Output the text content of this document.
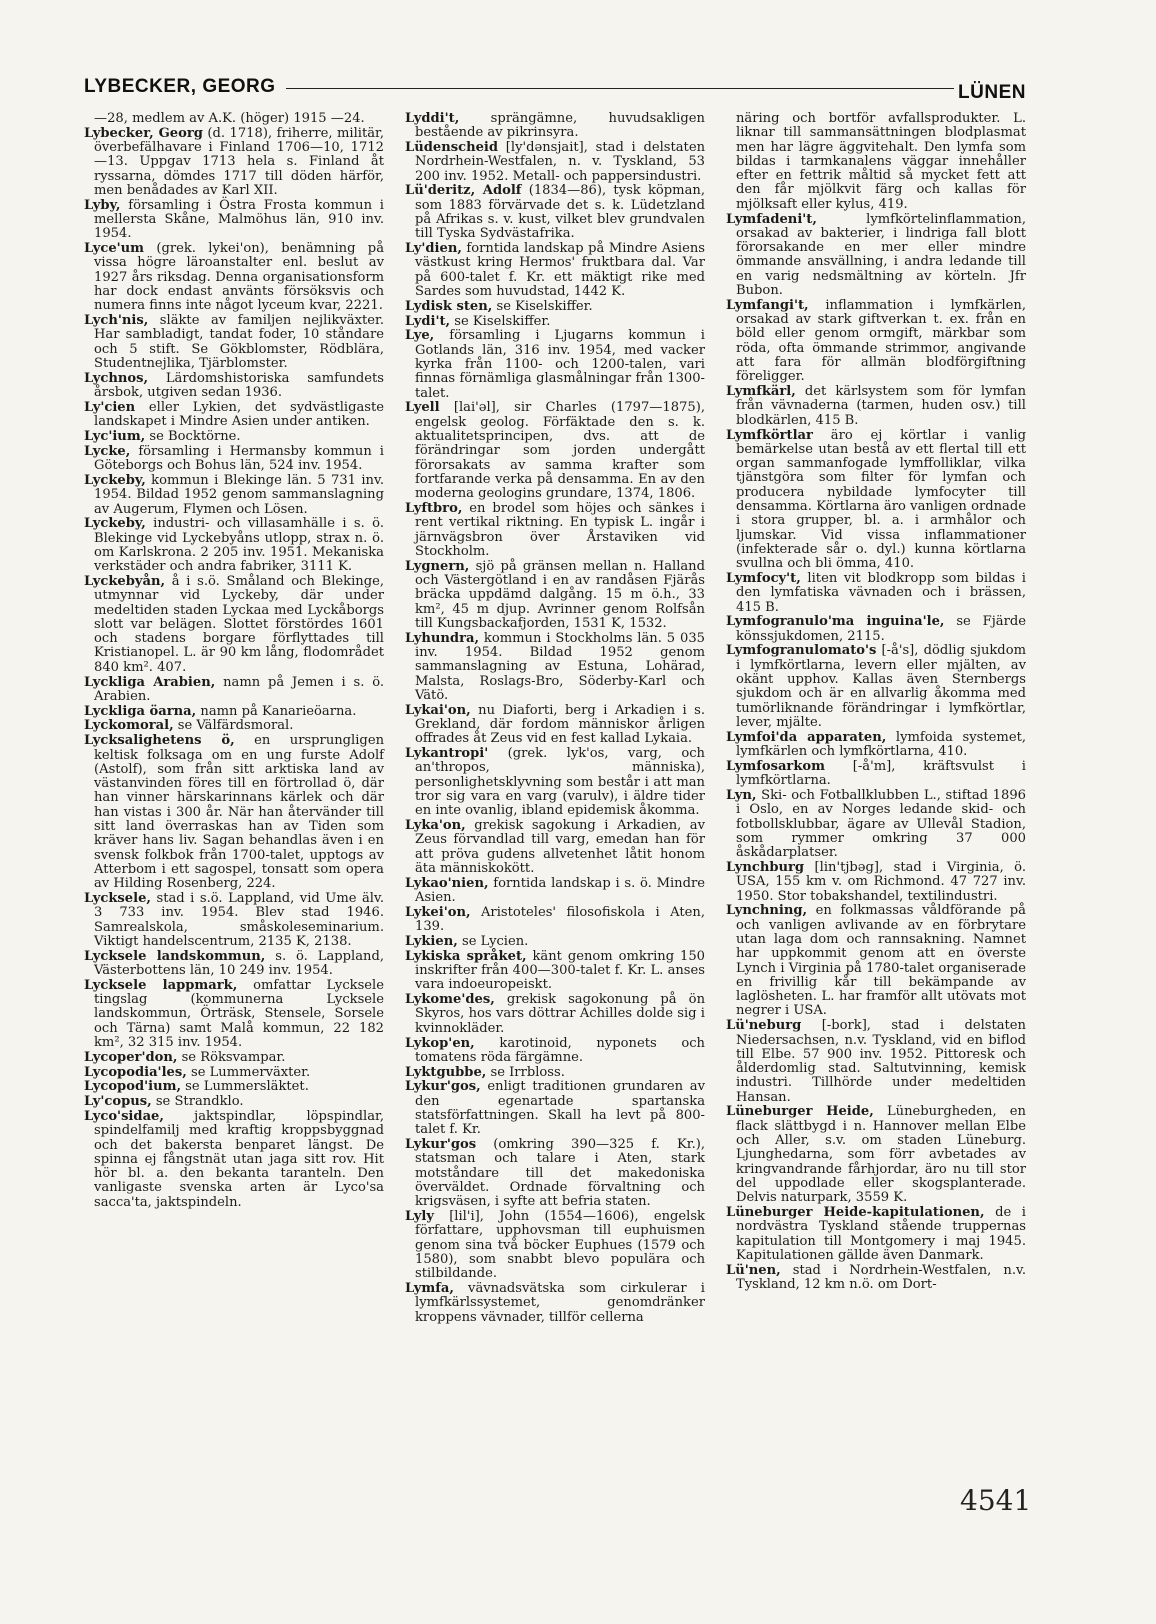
LYBECKER, GEORG	LÜNEN
—28, medlem av A.K. (höger) 1915 —24.
Lybecker, Georg (d. 1718), friherre, militär, överbefälhavare i Finland 1706—10, 1712—13. Uppgav 1713 hela s. Finland åt ryssarna, dömdes 1717 till döden härför, men benådades av Karl XII.
Lyby, församling i Östra Frosta kommun i mellersta Skåne, Malmöhus län, 910 inv. 1954.
Lyce'um (grek. lykei'on), benämning på vissa högre läroanstalter enl. beslut av 1927 års riksdag. Denna organisationsform har dock endast använts försöksvis och numera finns inte något lyceum kvar, 2221.
Lych'nis, släkte av familjen nejlikväxter. Har sambladigt, tandat foder, 10 ståndare och 5 stift. Se Gökblomster, Rödblära, Studentnejlika, Tjärblomster.
Lychnos, Lärdomshistoriska samfundets årsbok, utgiven sedan 1936.
Ly'cien eller Lykien, det sydvästligaste landskapet i Mindre Asien under antiken.
Lyc'ium, se Bocktörne.
Lycke, församling i Hermansby kommun i Göteborgs och Bohus län, 524 inv. 1954.
Lyckeby, kommun i Blekinge län. 5 731 inv. 1954. Bildad 1952 genom sammanslagning av Augerum, Flymen och Lösen.
Lyckeby, industri- och villasamhälle i s. ö. Blekinge vid Lyckebyåns utlopp, strax n. ö. om Karlskrona. 2 205 inv. 1951. Mekaniska verkstäder och andra fabriker, 3111 K.
Lyckebyån, å i s.ö. Småland och Blekinge, utmynnar vid Lyckeby, där under medeltiden staden Lyckaa med Lyckåborgs slott var belägen. Slottet förstördes 1601 och stadens borgare förflyttades till Kristianopel. L. är 90 km lång, flodområdet 840 km². 407.
Lyckliga Arabien, namn på Jemen i s. ö. Arabien.
Lyckliga öarna, namn på Kanarieöarna.
Lyckomoral, se Välfärdsmoral.
Lycksalighetens ö, en ursprungligen keltisk folksaga om en ung furste Adolf (Astolf), som från sitt arktiska land av västanvinden föres till en förtrollad ö, där han vinner härskarinnans kärlek och där han vistas i 300 år. När han återvänder till sitt land överraskas han av Tiden som kräver hans liv. Sagan behandlas även i en svensk folkbok från 1700-talet, upptogs av Atterbom i ett sagospel, tonsatt som opera av Hilding Rosenberg, 224.
Lycksele, stad i s.ö. Lappland, vid Ume älv. 3 733 inv. 1954. Blev stad 1946. Samrealskola, småskoleseminarium. Viktigt handelscentrum, 2135 K, 2138.
Lycksele landskommun, s. ö. Lappland, Västerbottens län, 10 249 inv. 1954.
Lycksele lappmark, omfattar Lycksele tingslag (kommunerna Lycksele landskommun, Örträsk, Stensele, Sorsele och Tärna) samt Malå kommun, 22 182 km², 32 315 inv. 1954.
Lycoper'don, se Röksvampar.
Lycopodia'les, se Lummerväxter.
Lycopod'ium, se Lummersläktet.
Ly'copus, se Strandklo.
Lyco'sidae, jaktspindlar, löpspindlar, spindelfamilj med kraftig kroppsbyggnad och det bakersta benparet längst. De spinna ej fångstnät utan jaga sitt rov. Hit hör bl. a. den bekanta taranteln. Den vanligaste svenska arten är Lyco'sa sacca'ta, jaktspindeln.
Lyddi't, sprängämne, huvudsakligen bestående av pikrinsyra.
Lüdenscheid [ly'dənsjait], stad i delstaten Nordrhein-Westfalen, n. v. Tyskland, 53 200 inv. 1952. Metall- och pappersindustri.
Lü'deritz, Adolf (1834—86), tysk köpman, som 1883 förvärvade det s. k. Lüdetzland på Afrikas s. v. kust, vilket blev grundvalen till Tyska Sydvästafrika.
Ly'dien, forntida landskap på Mindre Asiens västkust kring Hermos' fruktbara dal. Var på 600-talet f. Kr. ett mäktigt rike med Sardes som huvudstad, 1442 K.
Lydisk sten, se Kiselskiffer.
Lydi't, se Kiselskiffer.
Lye, församling i Ljugarns kommun i Gotlands län, 316 inv. 1954, med vacker kyrka från 1100- och 1200-talen, vari finnas förnämliga glasmålningar från 1300-talet.
Lyell [lai'əl], sir Charles (1797—1875), engelsk geolog. Förfäktade den s. k. aktualitetsprincipen, dvs. att de förändringar som jorden undergått förorsakats av samma krafter som fortfarande verka på densamma. En av den moderna geologins grundare, 1374, 1806.
Lyftbro, en brodel som höjes och sänkes i rent vertikal riktning. En typisk L. ingår i järnvägsbron över Årstaviken vid Stockholm.
Lygnern, sjö på gränsen mellan n. Halland och Västergötland i en av randåsen Fjärås bräcka uppdämd dalgång. 15 m ö.h., 33 km², 45 m djup. Avrinner genom Rolfsån till Kungsbackafjorden, 1531 K, 1532.
Lyhundra, kommun i Stockholms län. 5 035 inv. 1954. Bildad 1952 genom sammanslagning av Estuna, Lohärad, Malsta, Roslags-Bro, Söderby-Karl och Vätö.
Lykai'on, nu Diaforti, berg i Arkadien i s. Grekland, där fordom människor årligen offrades åt Zeus vid en fest kallad Lykaia.
Lykantropi' (grek. lyk'os, varg, och an'thropos, människa), personlighetsklyvning som består i att man tror sig vara en varg (varulv), i äldre tider en inte ovanlig, ibland epidemisk åkomma.
Lyka'on, grekisk sagokung i Arkadien, av Zeus förvandlad till varg, emedan han för att pröva gudens allvetenhet låtit honom äta människokött.
Lykao'nien, forntida landskap i s. ö. Mindre Asien.
Lykei'on, Aristoteles' filosofiskola i Aten, 139.
Lykien, se Lycien.
Lykiska språket, känt genom omkring 150 inskrifter från 400—300-talet f. Kr. L. anses vara indoeuropeiskt.
Lykome'des, grekisk sagokonung på ön Skyros, hos vars döttrar Achilles dolde sig i kvinnokläder.
Lykop'en, karotinoid, nyponets och tomatens röda färgämne.
Lyktgubbe, se Irrbloss.
Lykur'gos, enligt traditionen grundaren av den egenartade spartanska statsförfattningen. Skall ha levt på 800-talet f. Kr.
Lykur'gos (omkring 390—325 f. Kr.), statsman och talare i Aten, stark motståndare till det makedoniska överväldet. Ordnade förvaltning och krigsväsen, i syfte att befria staten.
Lyly [lil'i], John (1554—1606), engelsk författare, upphovsman till euphuismen genom sina två böcker Euphues (1579 och 1580), som snabbt blevo populära och stilbildande.
Lymfa, vävnadsvätska som cirkulerar i lymfkärlssystemet, genomdränker kroppens vävnader, tillför cellerna
näring och bortför avfallsprodukter. L. liknar till sammansättningen blodplasmat men har lägre äggvitehalt. Den lymfa som bildas i tarmkanalens väggar innehåller efter en fettrik måltid så mycket fett att den får mjölkvit färg och kallas för mjölksaft eller kylus, 419.
Lymfadeni't, lymfkörtelinflammation, orsakad av bakterier, i lindriga fall blott förorsakande en mer eller mindre ömmande ansvällning, i andra ledande till en varig nedsmältning av körteln. Jfr Bubon.
Lymfangi't, inflammation i lymfkärlen, orsakad av stark giftverkan t. ex. från en böld eller genom ormgift, märkbar som röda, ofta ömmande strimmor, angivande att fara för allmän blodförgiftning föreligger.
Lymfkärl, det kärlsystem som för lymfan från vävnaderna (tarmen, huden osv.) till blodkärlen, 415 B.
Lymfkörtlar äro ej körtlar i vanlig bemärkelse utan bestå av ett flertal till ett organ sammanfogade lymffolliklar, vilka tjänstgöra som filter för lymfan och producera nybildade lymfocyter till densamma. Körtlarna äro vanligen ordnade i stora grupper, bl. a. i armhålor och ljumskar. Vid vissa inflammationer (infekterade sår o. dyl.) kunna körtlarna svullna och bli ömma, 410.
Lymfocy't, liten vit blodkropp som bildas i den lymfatiska vävnaden och i brässen, 415 B.
Lymfogranulo'ma inguina'le, se Fjärde könssjukdomen, 2115.
Lymfogranulomato's [-å's], dödlig sjukdom i lymfkörtlarna, levern eller mjälten, av okänt upphov. Kallas även Sternbergs sjukdom och är en allvarlig åkomma med tumörliknande förändringar i lymfkörtlar, lever, mjälte.
Lymfoi'da apparaten, lymfoida systemet, lymfkärlen och lymfkörtlarna, 410.
Lymfosarkom [-å'm], kräftsvulst i lymfkörtlarna.
Lyn, Ski- och Fotballklubben L., stiftad 1896 i Oslo, en av Norges ledande skid- och fotbollsklubbar, ägare av Ullevål Stadion, som rymmer omkring 37 000 åskådarplatser.
Lynchburg [lin'tjbəg], stad i Virginia, ö. USA, 155 km v. om Richmond. 47 727 inv. 1950. Stor tobakshandel, textilindustri.
Lynchning, en folkmassas våldförande på och vanligen avlivande av en förbrytare utan laga dom och rannsakning. Namnet har uppkommit genom att en överste Lynch i Virginia på 1780-talet organiserade en frivillig kår till bekämpande av laglösheten. L. har framför allt utövats mot negrer i USA.
Lü'neburg [-bork], stad i delstaten Niedersachsen, n.v. Tyskland, vid en biflod till Elbe. 57 900 inv. 1952. Pittoresk och ålderdomlig stad. Saltutvinning, kemisk industri. Tillhörde under medeltiden Hansan.
Lüneburger Heide, Lüneburgheden, en flack slättbygd i n. Hannover mellan Elbe och Aller, s.v. om staden Lüneburg. Ljunghedarna, som förr avbetades av kringvandrande fårhjordar, äro nu till stor del uppodlade eller skogsplanterade. Delvis naturpark, 3559 K.
Lüneburger Heide-kapitulationen, de i nordvästra Tyskland stående truppernas kapitulation till Montgomery i maj 1945. Kapitulationen gällde även Danmark.
Lü'nen, stad i Nordrhein-Westfalen, n.v. Tyskland, 12 km n.ö. om Dort-
4541
